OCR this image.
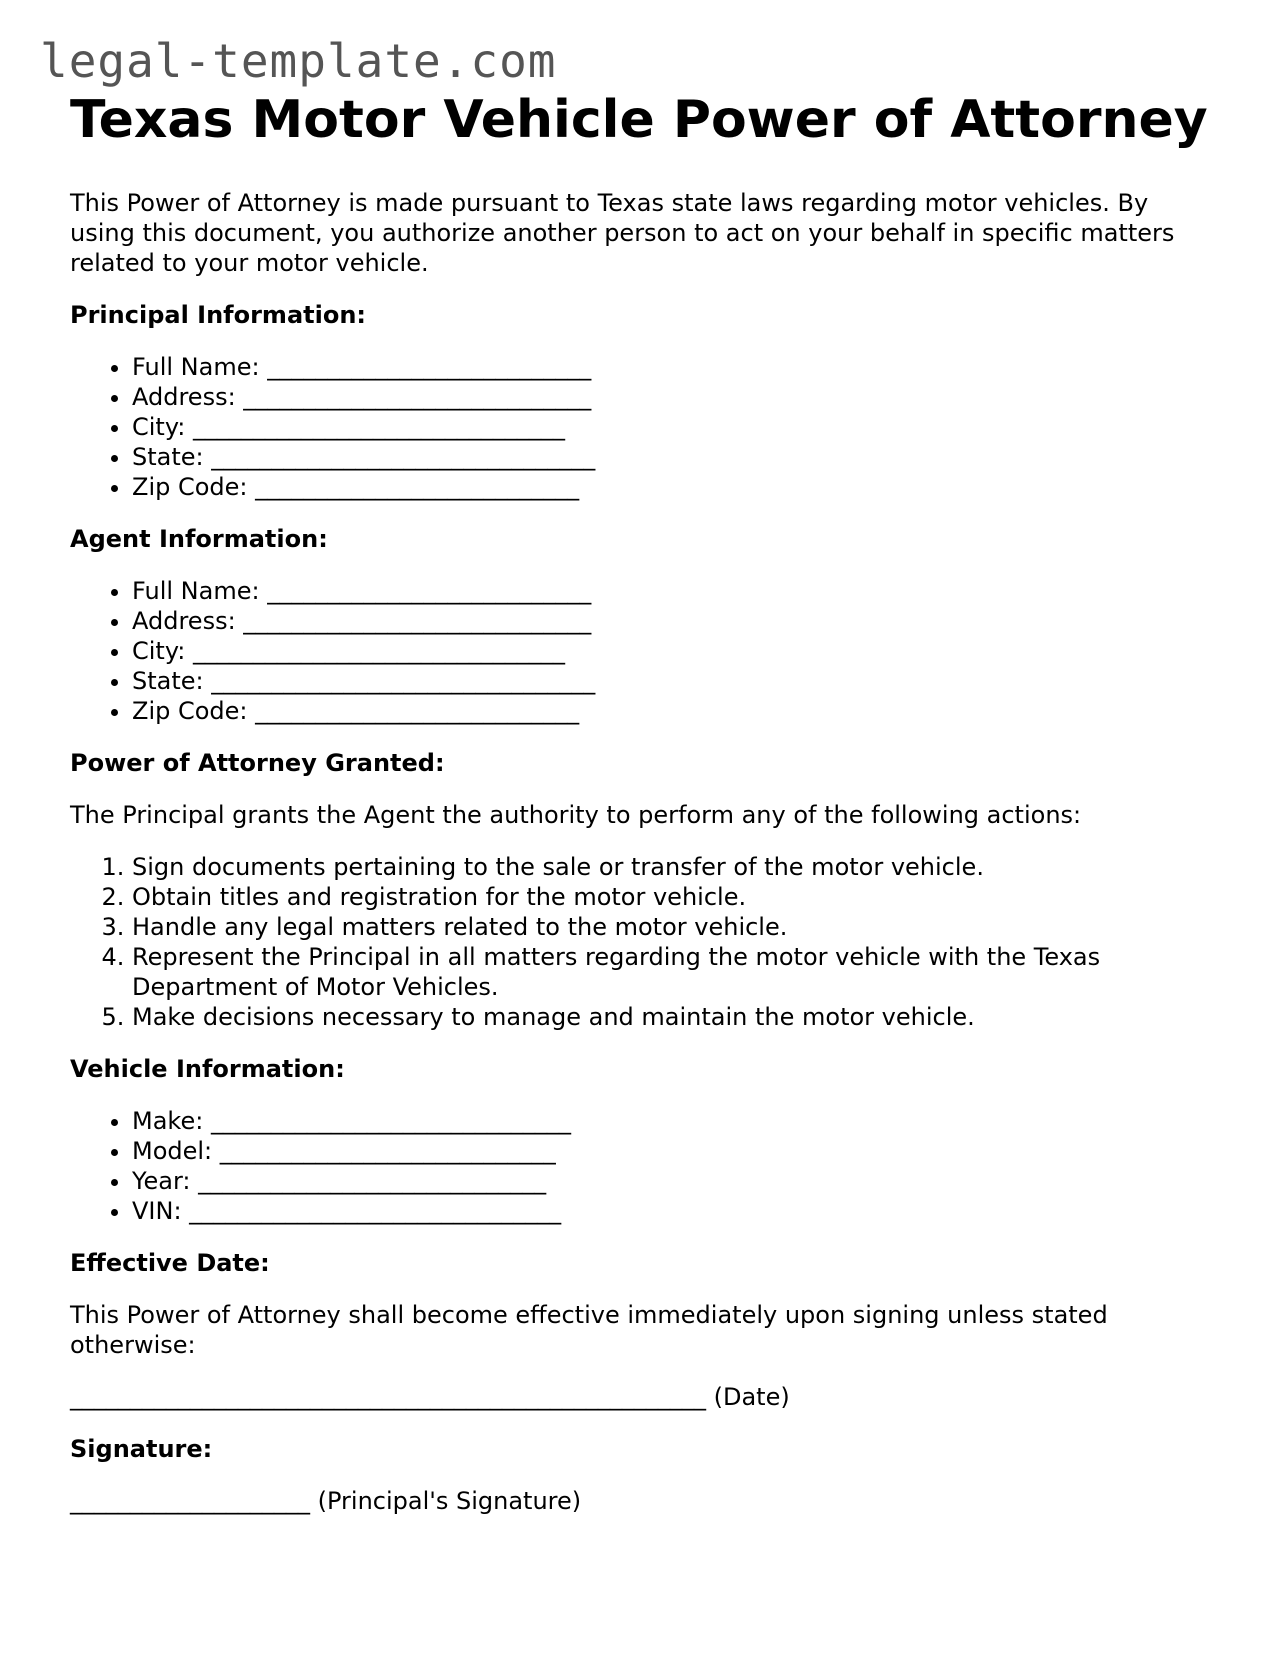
legal-template.com
Texas Motor Vehicle Power of Attorney

This Power of Attorney is made pursuant to Texas state laws regarding motor vehicles. By using this document, you authorize another person to act on your behalf in specific matters related to your motor vehicle.

Principal Information:
• Full Name: ___________________________
• Address: _____________________________
• City: _______________________________
• State: ________________________________
• Zip Code: ___________________________
Agent Information:
• Full Name: ___________________________
• Address: _____________________________
• City: _______________________________
• State: ________________________________
• Zip Code: ___________________________
Power of Attorney Granted:

The Principal grants the Agent the authority to perform any of the following actions:

1. Sign documents pertaining to the sale or transfer of the motor vehicle.
2. Obtain titles and registration for the motor vehicle.
3. Handle any legal matters related to the motor vehicle.
4. Represent the Principal in all matters regarding the motor vehicle with the Texas Department of Motor Vehicles.
5. Make decisions necessary to manage and maintain the motor vehicle.
Vehicle Information:
• Make: ______________________________
• Model: ____________________________
• Year: _____________________________
• VIN: _______________________________
Effective Date:

This Power of Attorney shall become effective immediately upon signing unless stated otherwise:

_____________________________________________________ (Date)
Signature:
____________________ (Principal's Signature)
